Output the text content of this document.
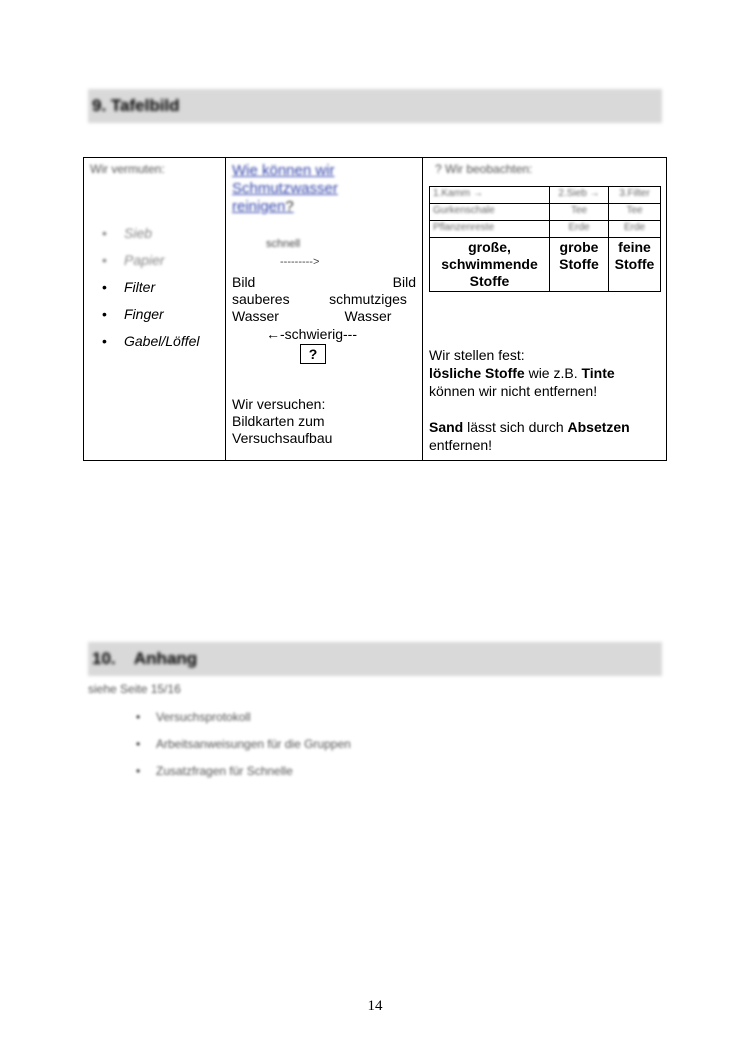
9. Tafelbild
Wir vermuten:
• Sieb
• Papier
• Filter
• Finger
• Gabel/Löffel
Wie können wir Schmutzwasser reinigen?
schnell
--------->
Bild
sauberes
Wasser
Bild
schmutziges
Wasser
←-schwierig---
?
Wir versuchen:
Bildkarten zum
Versuchsaufbau
? Wir beobachten:
1.Kamm →	2.Sieb →	3.Filter
Gurkenschale	Tee	Tee
Pflanzenreste	Erde	Erde
große, schwimmende Stoffe	grobe Stoffe	feine Stoffe

Wir stellen fest:

lösliche Stoffe wie z.B. Tinte

können wir nicht entfernen!

Sand lässt sich durch Absetzen

entfernen!

10.    Anhang
siehe Seite 15/16
• Versuchsprotokoll
• Arbeitsanweisungen für die Gruppen
• Zusatzfragen für Schnelle
14
